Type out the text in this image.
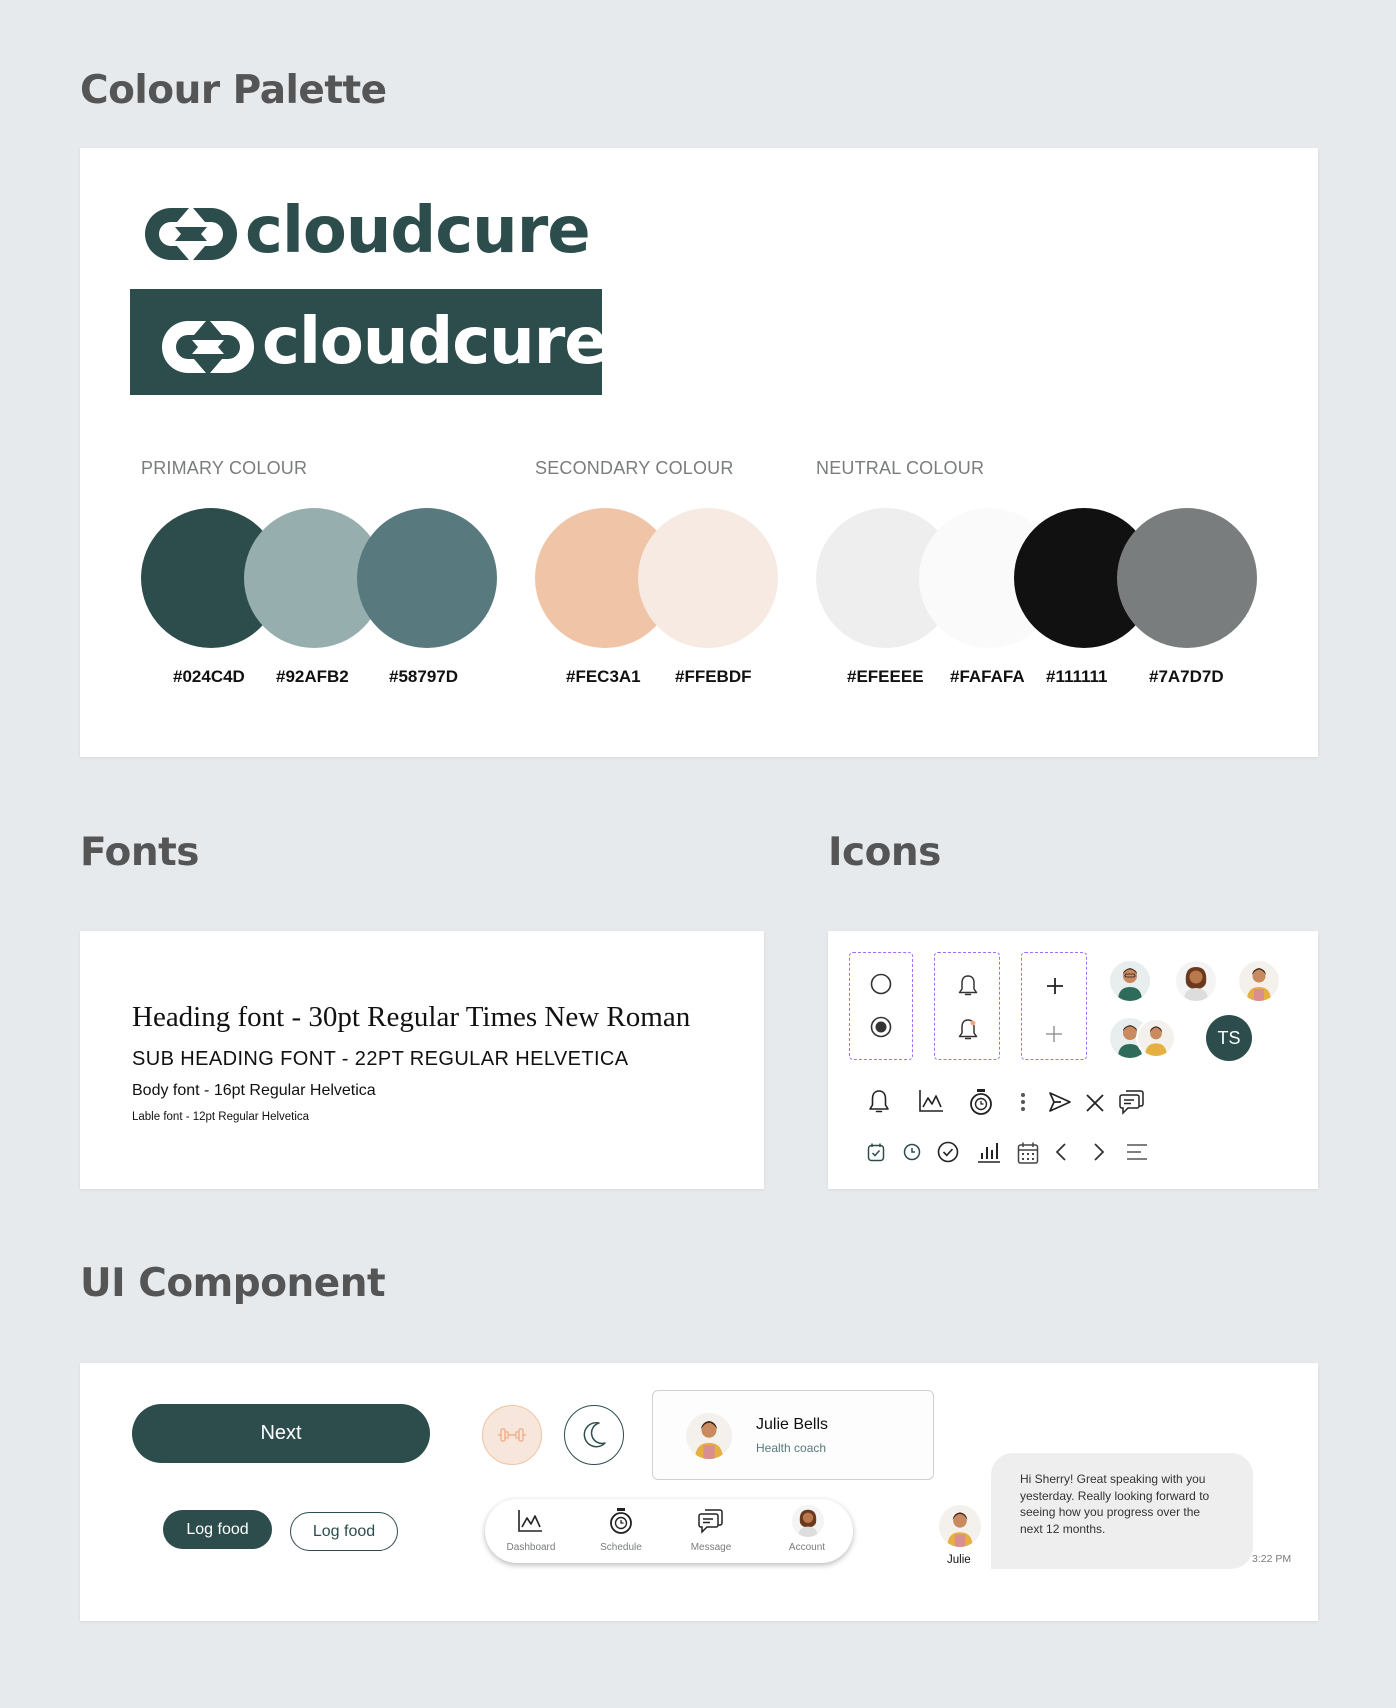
Colour Palette
cloudcure
cloudcure
PRIMARY COLOUR	SECONDARY COLOUR	NEUTRAL COLOUR
#024C4D #92AFB2 #58797D	#FEC3A1 #FFEBDF	#EFEEEE #FAFAFA #111111 #7A7D7D
Fonts
Heading font - 30pt Regular Times New Roman
SUB HEADING FONT - 22PT REGULAR HELVETICA
Body font - 16pt Regular Helvetica
Lable font - 12pt Regular Helvetica
Icons
TS
UI Component
Next
Log food	Log food
Julie Bells
Health coach
Dashboard	Schedule	Message	Account
Julie
Hi Sherry! Great speaking with you yesterday. Really looking forward to seeing how you progress over the next 12 months.
3:22 PM
